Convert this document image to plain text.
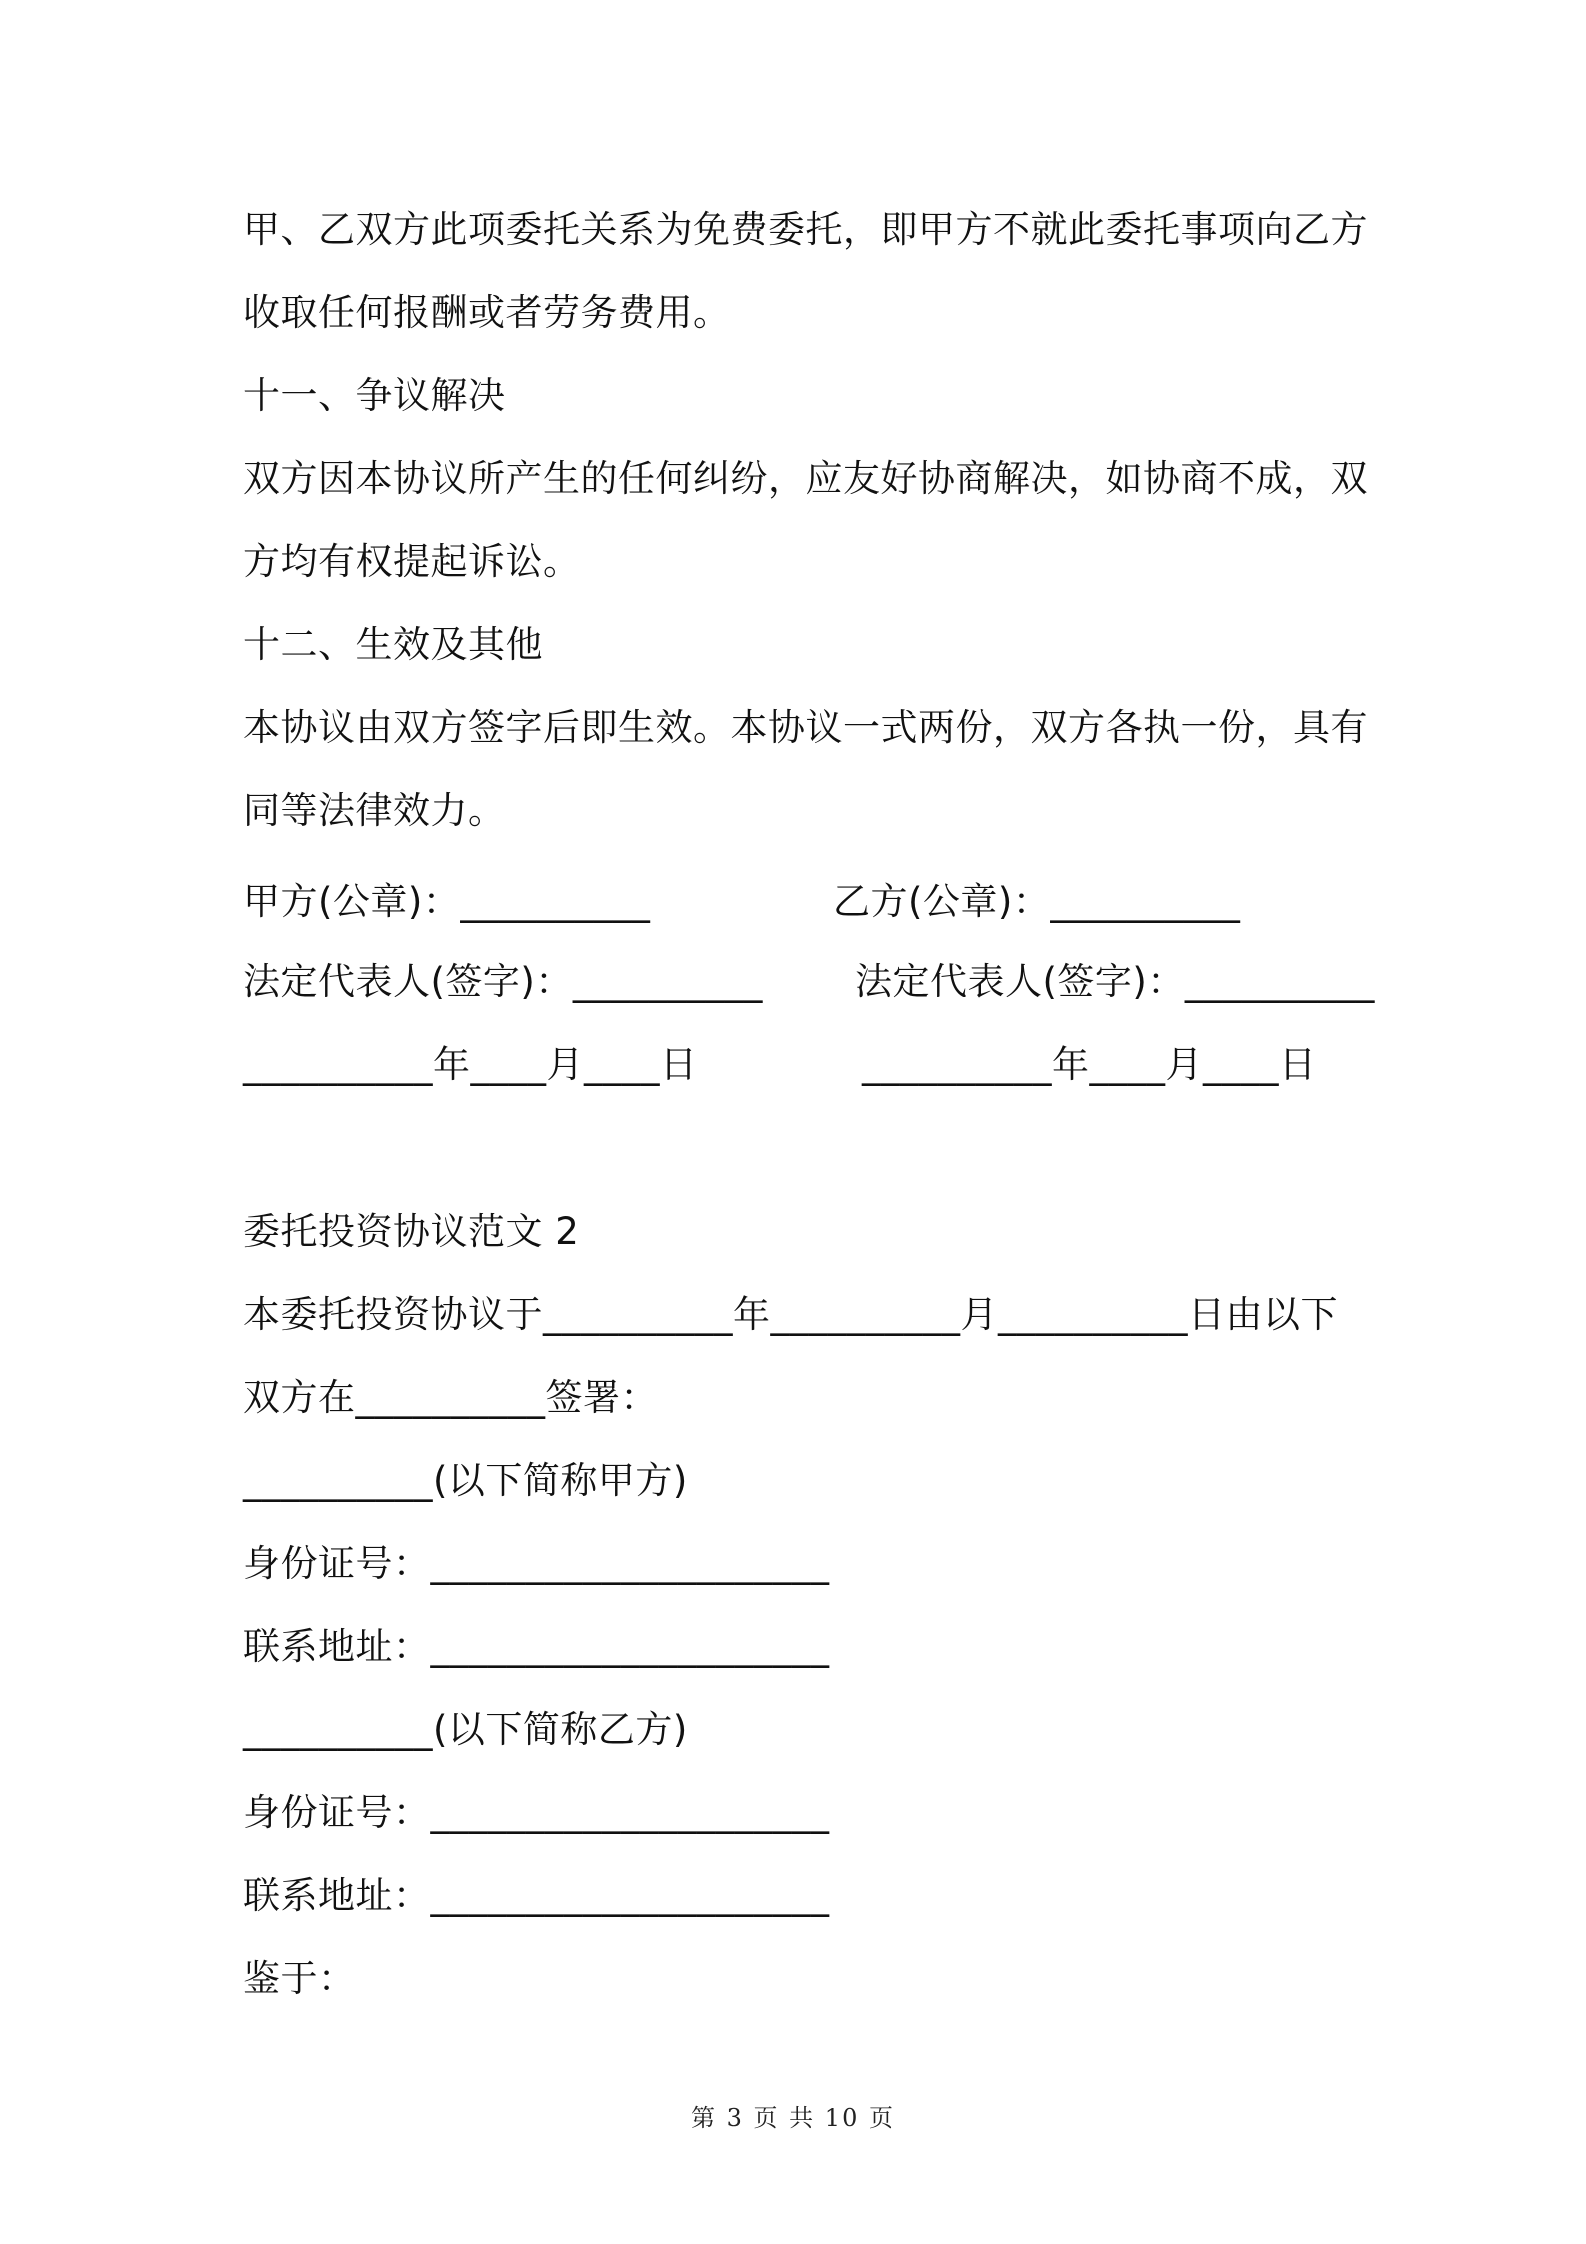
甲、乙双方此项委托关系为免费委托，即甲方不就此委托事项向乙方
收取任何报酬或者劳务费用。
十一、争议解决
双方因本协议所产生的任何纠纷，应友好协商解决，如协商不成，双
方均有权提起诉讼。
十二、生效及其他
本协议由双方签字后即生效。本协议一式两份，双方各执一份，具有
同等法律效力。
甲方(公章)：__________	乙方(公章)：__________
法定代表人(签字)：__________ 法定代表人(签字)：__________
__________年____月____日	__________年____月____日
委托投资协议范文 2
本委托投资协议于__________年__________月__________日由以下
双方在__________签署：
__________(以下简称甲方)
身份证号：_____________________
联系地址：_____________________
__________(以下简称乙方)
身份证号：_____________________
联系地址：_____________________
鉴于：
第 3 页 共 10 页
